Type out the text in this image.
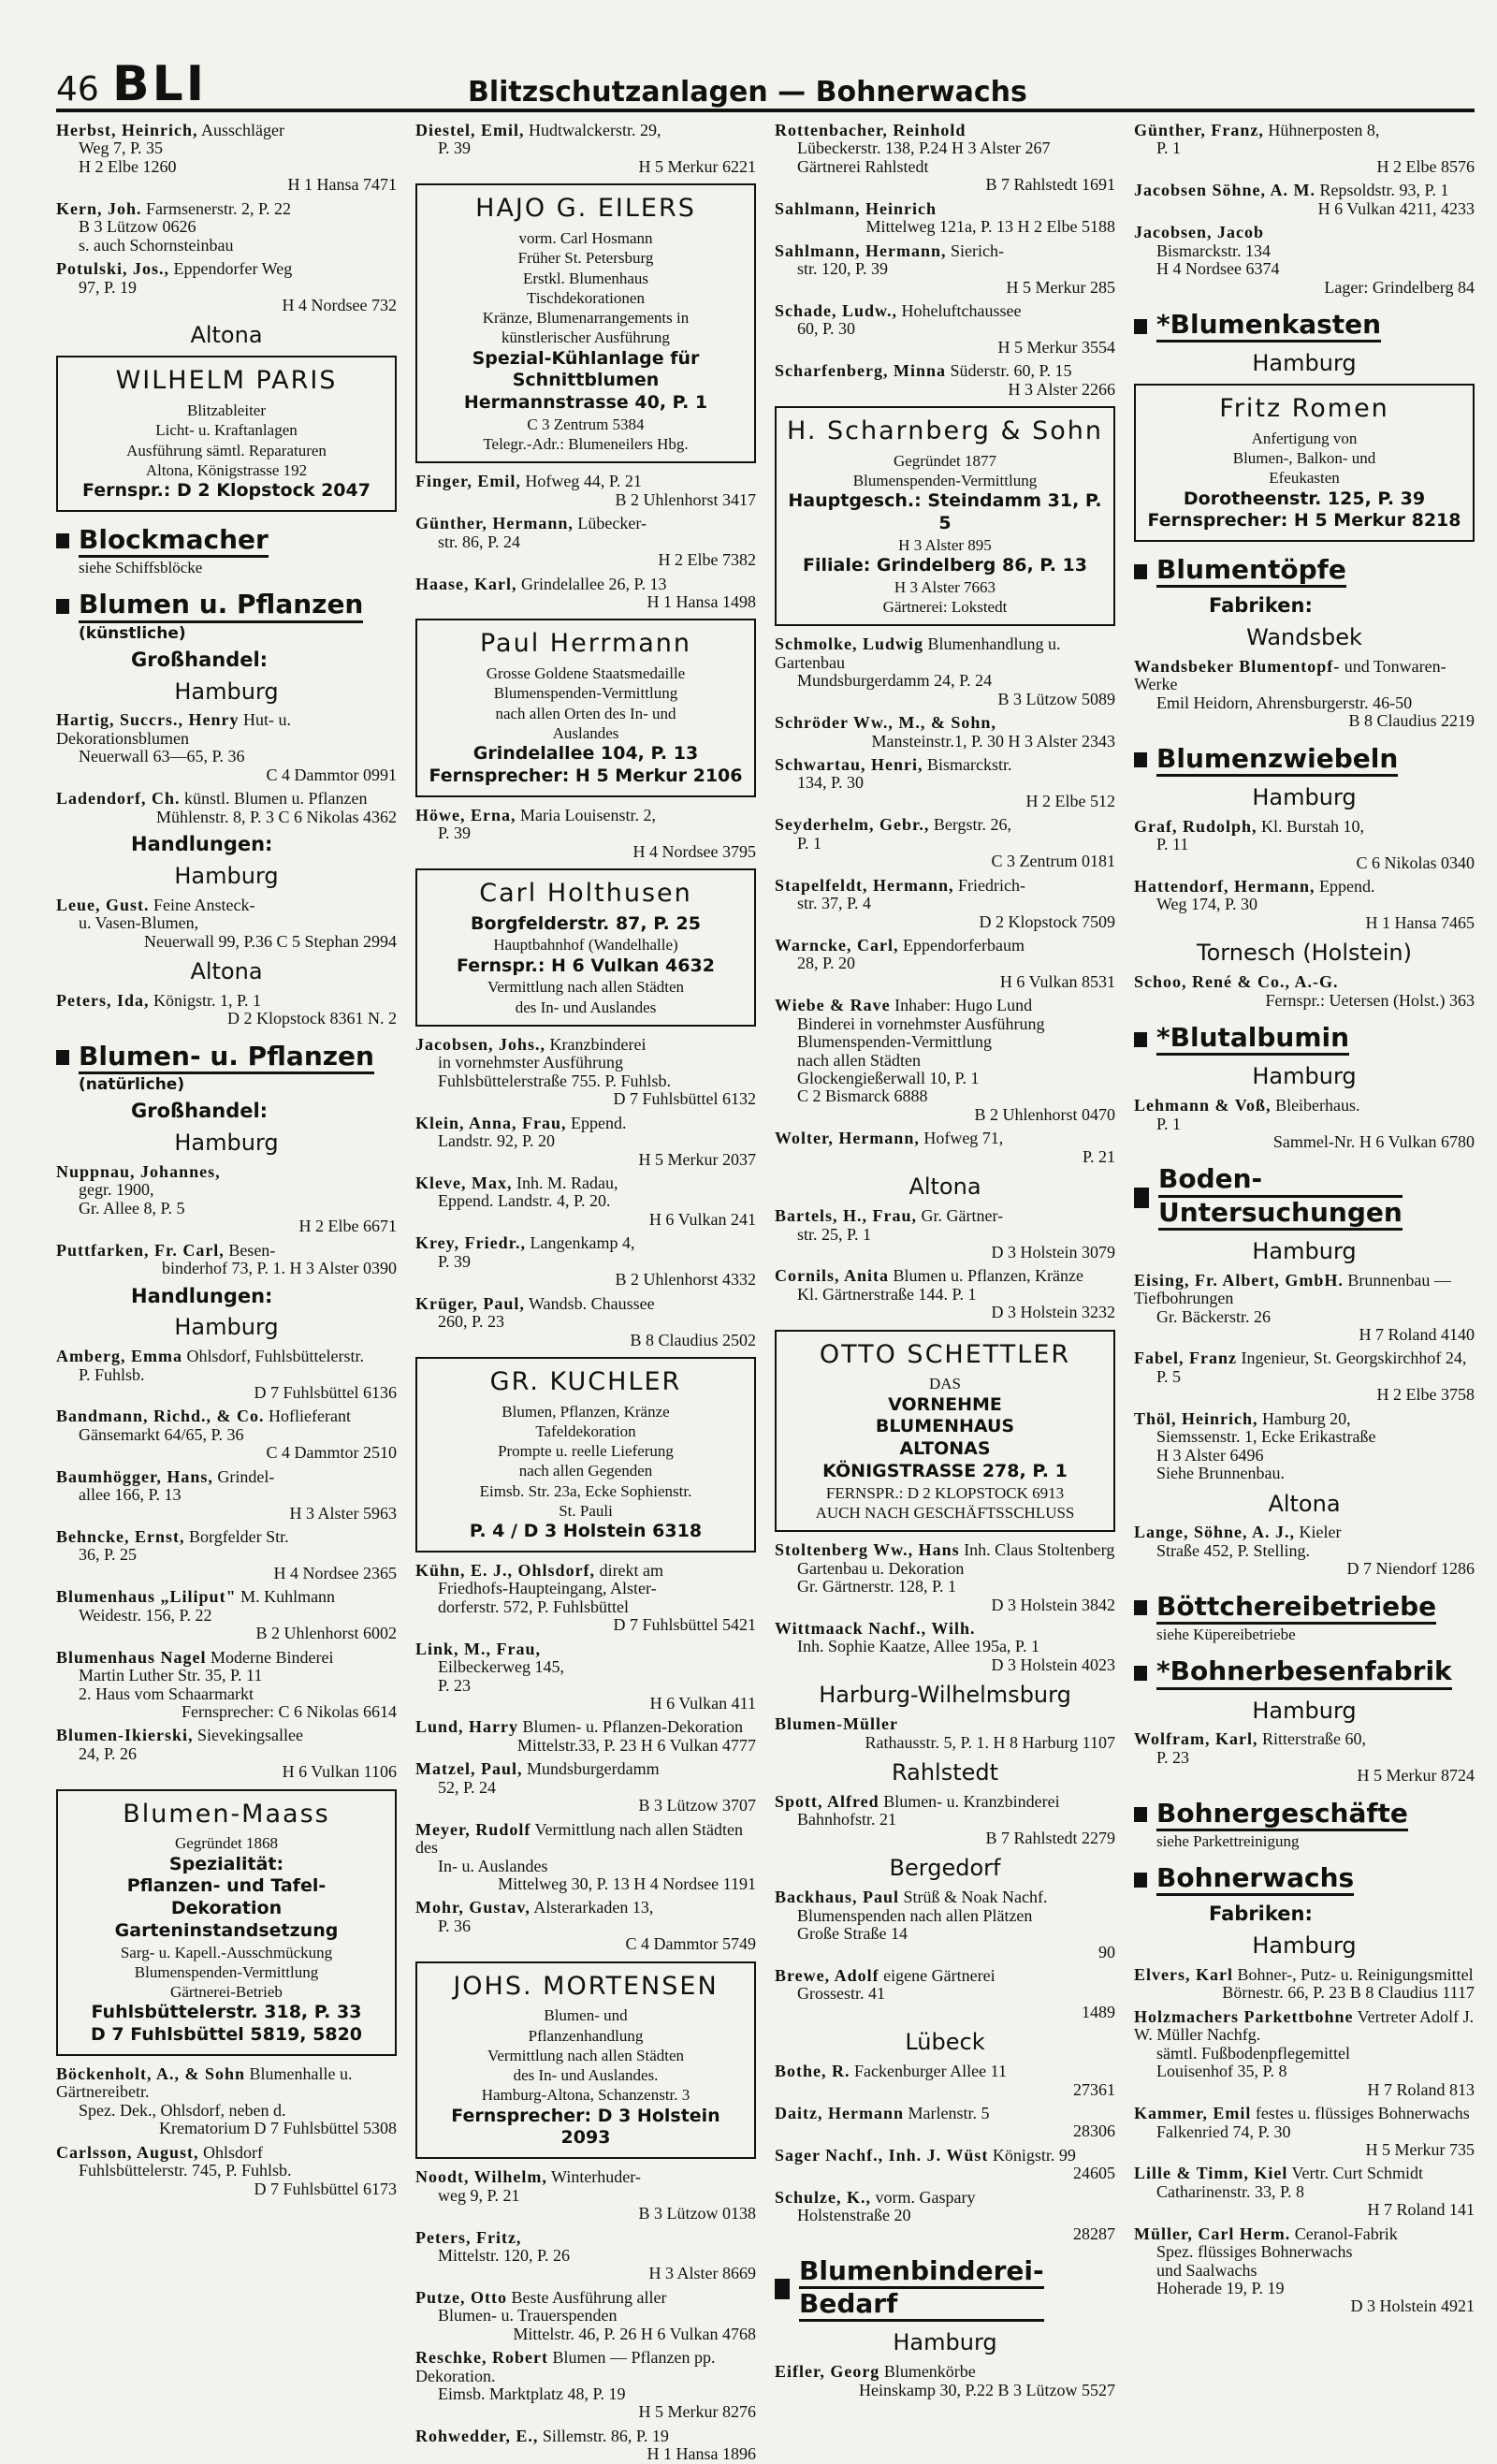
46 BLI	Blitzschutzanlagen — Bohnerwachs
Herbst, Heinrich, Ausschläger
Weg 7, P. 35
H 2 Elbe 1260
H 1 Hansa 7471
Kern, Joh. Farmsenerstr. 2, P. 22
B 3 Lützow 0626
s. auch Schornsteinbau
Potulski, Jos., Eppendorfer Weg
97, P. 19
H 4 Nordsee 732
Altona
WILHELM PARIS
Blitzableiter
Licht- u. Kraftanlagen
Ausführung sämtl. Reparaturen
Altona, Königstrasse 192
Fernspr.: D 2 Klopstock 2047
Blockmacher
siehe Schiffsblöcke
Blumen u. Pflanzen
(künstliche)
Großhandel:
Hamburg
Hartig, Succrs., Henry Hut- u. Dekorationsblumen
Neuerwall 63—65, P. 36
C 4 Dammtor 0991
Ladendorf, Ch. künstl. Blumen u. Pflanzen
Mühlenstr. 8, P. 3 C 6 Nikolas 4362
Handlungen:
Hamburg
Leue, Gust. Feine Ansteck-
u. Vasen-Blumen,
Neuerwall 99, P.36 C 5 Stephan 2994
Altona
Peters, Ida, Königstr. 1, P. 1
D 2 Klopstock 8361 N. 2
Blumen- u. Pflanzen
(natürliche)
Großhandel:
Hamburg
Nuppnau, Johannes,
gegr. 1900,
Gr. Allee 8, P. 5
H 2 Elbe 6671
Puttfarken, Fr. Carl, Besen-
binderhof 73, P. 1. H 3 Alster 0390
Handlungen:
Hamburg
Amberg, Emma Ohlsdorf, Fuhlsbüttelerstr.
P. Fuhlsb.
D 7 Fuhlsbüttel 6136
Bandmann, Richd., & Co. Hoflieferant
Gänsemarkt 64/65, P. 36
C 4 Dammtor 2510
Baumhögger, Hans, Grindel-
allee 166, P. 13
H 3 Alster 5963
Behncke, Ernst, Borgfelder Str.
36, P. 25
H 4 Nordsee 2365
Blumenhaus „Liliput" M. Kuhlmann
Weidestr. 156, P. 22
B 2 Uhlenhorst 6002
Blumenhaus Nagel Moderne Binderei
Martin Luther Str. 35, P. 11
2. Haus vom Schaarmarkt
Fernsprecher: C 6 Nikolas 6614
Blumen-Ikierski, Sievekingsallee
24, P. 26
H 6 Vulkan 1106
Blumen-Maass
Gegründet 1868
Spezialität:
Pflanzen- und Tafel-
Dekoration
Garteninstandsetzung
Sarg- u. Kapell.-Ausschmückung
Blumenspenden-Vermittlung
Gärtnerei-Betrieb
Fuhlsbüttelerstr. 318, P. 33
D 7 Fuhlsbüttel 5819, 5820
Böckenholt, A., & Sohn Blumenhalle u. Gärtnereibetr.
Spez. Dek., Ohlsdorf, neben d.
Krematorium D 7 Fuhlsbüttel 5308
Carlsson, August, Ohlsdorf
Fuhlsbüttelerstr. 745, P. Fuhlsb.
D 7 Fuhlsbüttel 6173
Diestel, Emil, Hudtwalckerstr. 29,
P. 39
H 5 Merkur 6221
HAJO G. EILERS
vorm. Carl Hosmann
Früher St. Petersburg
Erstkl. Blumenhaus
Tischdekorationen
Kränze, Blumenarrangements in
künstlerischer Ausführung
Spezial-Kühlanlage für
Schnittblumen
Hermannstrasse 40, P. 1
C 3 Zentrum 5384
Telegr.-Adr.: Blumeneilers Hbg.
Finger, Emil, Hofweg 44, P. 21
B 2 Uhlenhorst 3417
Günther, Hermann, Lübecker-
str. 86, P. 24
H 2 Elbe 7382
Haase, Karl, Grindelallee 26, P. 13
H 1 Hansa 1498
Paul Herrmann
Grosse Goldene Staatsmedaille
Blumenspenden-Vermittlung
nach allen Orten des In- und
Auslandes
Grindelallee 104, P. 13
Fernsprecher: H 5 Merkur 2106
Höwe, Erna, Maria Louisenstr. 2,
P. 39
H 4 Nordsee 3795
Carl Holthusen
Borgfelderstr. 87, P. 25
Hauptbahnhof (Wandelhalle)
Fernspr.: H 6 Vulkan 4632
Vermittlung nach allen Städten
des In- und Auslandes
Jacobsen, Johs., Kranzbinderei
in vornehmster Ausführung
Fuhlsbüttelerstraße 755. P. Fuhlsb.
D 7 Fuhlsbüttel 6132
Klein, Anna, Frau, Eppend.
Landstr. 92, P. 20
H 5 Merkur 2037
Kleve, Max, Inh. M. Radau,
Eppend. Landstr. 4, P. 20.
H 6 Vulkan 241
Krey, Friedr., Langenkamp 4,
P. 39
B 2 Uhlenhorst 4332
Krüger, Paul, Wandsb. Chaussee
260, P. 23
B 8 Claudius 2502
GR. KUCHLER
Blumen, Pflanzen, Kränze
Tafeldekoration
Prompte u. reelle Lieferung
nach allen Gegenden
Eimsb. Str. 23a, Ecke Sophienstr.
St. Pauli
P. 4 / D 3 Holstein 6318
Kühn, E. J., Ohlsdorf, direkt am
Friedhofs-Haupteingang, Alster-
dorferstr. 572, P. Fuhlsbüttel
D 7 Fuhlsbüttel 5421
Link, M., Frau,
Eilbeckerweg 145,
P. 23
H 6 Vulkan 411
Lund, Harry Blumen- u. Pflanzen-Dekoration
Mittelstr.33, P. 23 H 6 Vulkan 4777
Matzel, Paul, Mundsburgerdamm
52, P. 24
B 3 Lützow 3707
Meyer, Rudolf Vermittlung nach allen Städten des
In- u. Auslandes
Mittelweg 30, P. 13 H 4 Nordsee 1191
Mohr, Gustav, Alsterarkaden 13,
P. 36
C 4 Dammtor 5749
JOHS. MORTENSEN
Blumen- und
Pflanzenhandlung
Vermittlung nach allen Städten
des In- und Auslandes.
Hamburg-Altona, Schanzenstr. 3
Fernsprecher: D 3 Holstein 2093
Noodt, Wilhelm, Winterhuder-
weg 9, P. 21
B 3 Lützow 0138
Peters, Fritz,
Mittelstr. 120, P. 26
H 3 Alster 8669
Putze, Otto Beste Ausführung aller
Blumen- u. Trauerspenden
Mittelstr. 46, P. 26 H 6 Vulkan 4768
Reschke, Robert Blumen — Pflanzen pp. Dekoration.
Eimsb. Marktplatz 48, P. 19
H 5 Merkur 8276
Rohwedder, E., Sillemstr. 86, P. 19
H 1 Hansa 1896
Rottenbacher, Reinhold
Lübeckerstr. 138, P.24 H 3 Alster 267
Gärtnerei Rahlstedt
B 7 Rahlstedt 1691
Sahlmann, Heinrich
Mittelweg 121a, P. 13 H 2 Elbe 5188
Sahlmann, Hermann, Sierich-
str. 120, P. 39
H 5 Merkur 285
Schade, Ludw., Hoheluftchaussee
60, P. 30
H 5 Merkur 3554
Scharfenberg, Minna Süderstr. 60, P. 15
H 3 Alster 2266
H. Scharnberg & Sohn
Gegründet 1877
Blumenspenden-Vermittlung
Hauptgesch.: Steindamm 31, P. 5
H 3 Alster 895
Filiale: Grindelberg 86, P. 13
H 3 Alster 7663
Gärtnerei: Lokstedt
Schmolke, Ludwig Blumenhandlung u. Gartenbau
Mundsburgerdamm 24, P. 24
B 3 Lützow 5089
Schröder Ww., M., & Sohn,
Mansteinstr.1, P. 30 H 3 Alster 2343
Schwartau, Henri, Bismarckstr.
134, P. 30
H 2 Elbe 512
Seyderhelm, Gebr., Bergstr. 26,
P. 1
C 3 Zentrum 0181
Stapelfeldt, Hermann, Friedrich-
str. 37, P. 4
D 2 Klopstock 7509
Warncke, Carl, Eppendorferbaum
28, P. 20
H 6 Vulkan 8531
Wiebe & Rave Inhaber: Hugo Lund
Binderei in vornehmster Ausführung
Blumenspenden-Vermittlung
nach allen Städten
Glockengießerwall 10, P. 1
C 2 Bismarck 6888
B 2 Uhlenhorst 0470
Wolter, Hermann, Hofweg 71,
P. 21
Altona
Bartels, H., Frau, Gr. Gärtner-
str. 25, P. 1
D 3 Holstein 3079
Cornils, Anita Blumen u. Pflanzen, Kränze
Kl. Gärtnerstraße 144. P. 1
D 3 Holstein 3232
OTTO SCHETTLER
DAS
VORNEHME
BLUMENHAUS
ALTONAS
KÖNIGSTRASSE 278, P. 1
FERNSPR.: D 2 KLOPSTOCK 6913
AUCH NACH GESCHÄFTSSCHLUSS
Stoltenberg Ww., Hans Inh. Claus Stoltenberg
Gartenbau u. Dekoration
Gr. Gärtnerstr. 128, P. 1
D 3 Holstein 3842
Wittmaack Nachf., Wilh.
Inh. Sophie Kaatze, Allee 195a, P. 1
D 3 Holstein 4023
Harburg-Wilhelmsburg
Blumen-Müller
Rathausstr. 5, P. 1. H 8 Harburg 1107
Rahlstedt
Spott, Alfred Blumen- u. Kranzbinderei
Bahnhofstr. 21
B 7 Rahlstedt 2279
Bergedorf
Backhaus, Paul Strüß & Noak Nachf.
Blumenspenden nach allen Plätzen
Große Straße 14
90
Brewe, Adolf eigene Gärtnerei
Grossestr. 41
1489
Lübeck
Bothe, R. Fackenburger Allee 11
27361
Daitz, Hermann Marlenstr. 5
28306
Sager Nachf., Inh. J. Wüst Königstr. 99
24605
Schulze, K., vorm. Gaspary
Holstenstraße 20
28287
Blumenbinderei-
Bedarf
Hamburg
Eifler, Georg Blumenkörbe
Heinskamp 30, P.22 B 3 Lützow 5527
Günther, Franz, Hühnerposten 8,
P. 1
H 2 Elbe 8576
Jacobsen Söhne, A. M. Repsoldstr. 93, P. 1
H 6 Vulkan 4211, 4233
Jacobsen, Jacob
Bismarckstr. 134
H 4 Nordsee 6374
Lager: Grindelberg 84
*Blumenkasten
Hamburg
Fritz Romen
Anfertigung von
Blumen-, Balkon- und
Efeukasten
Dorotheenstr. 125, P. 39
Fernsprecher: H 5 Merkur 8218
Blumentöpfe
Fabriken:
Wandsbek
Wandsbeker Blumentopf- und Tonwaren-Werke
Emil Heidorn, Ahrensburgerstr. 46-50
B 8 Claudius 2219
Blumenzwiebeln
Hamburg
Graf, Rudolph, Kl. Burstah 10,
P. 11
C 6 Nikolas 0340
Hattendorf, Hermann, Eppend.
Weg 174, P. 30
H 1 Hansa 7465
Tornesch (Holstein)
Schoo, René & Co., A.-G.
Fernspr.: Uetersen (Holst.) 363
*Blutalbumin
Hamburg
Lehmann & Voß, Bleiberhaus.
P. 1
Sammel-Nr. H 6 Vulkan 6780
Boden-
Untersuchungen
Hamburg
Eising, Fr. Albert, GmbH. Brunnenbau — Tiefbohrungen
Gr. Bäckerstr. 26
H 7 Roland 4140
Fabel, Franz Ingenieur, St. Georgskirchhof 24,
P. 5
H 2 Elbe 3758
Thöl, Heinrich, Hamburg 20,
Siemssenstr. 1, Ecke Erikastraße
H 3 Alster 6496
Siehe Brunnenbau.
Altona
Lange, Söhne, A. J., Kieler
Straße 452, P. Stelling.
D 7 Niendorf 1286
Böttchereibetriebe
siehe Küpereibetriebe
*Bohnerbesenfabrik
Hamburg
Wolfram, Karl, Ritterstraße 60,
P. 23
H 5 Merkur 8724
Bohnergeschäfte
siehe Parkettreinigung
Bohnerwachs
Fabriken:
Hamburg
Elvers, Karl Bohner-, Putz- u. Reinigungsmittel
Börnestr. 66, P. 23 B 8 Claudius 1117
Holzmachers Parkettbohne Vertreter Adolf J. W. Müller Nachfg.
sämtl. Fußbodenpflegemittel
Louisenhof 35, P. 8
H 7 Roland 813
Kammer, Emil festes u. flüssiges Bohnerwachs
Falkenried 74, P. 30
H 5 Merkur 735
Lille & Timm, Kiel Vertr. Curt Schmidt
Catharinenstr. 33, P. 8
H 7 Roland 141
Müller, Carl Herm. Ceranol-Fabrik
Spez. flüssiges Bohnerwachs
und Saalwachs
Hoherade 19, P. 19
D 3 Holstein 4921
